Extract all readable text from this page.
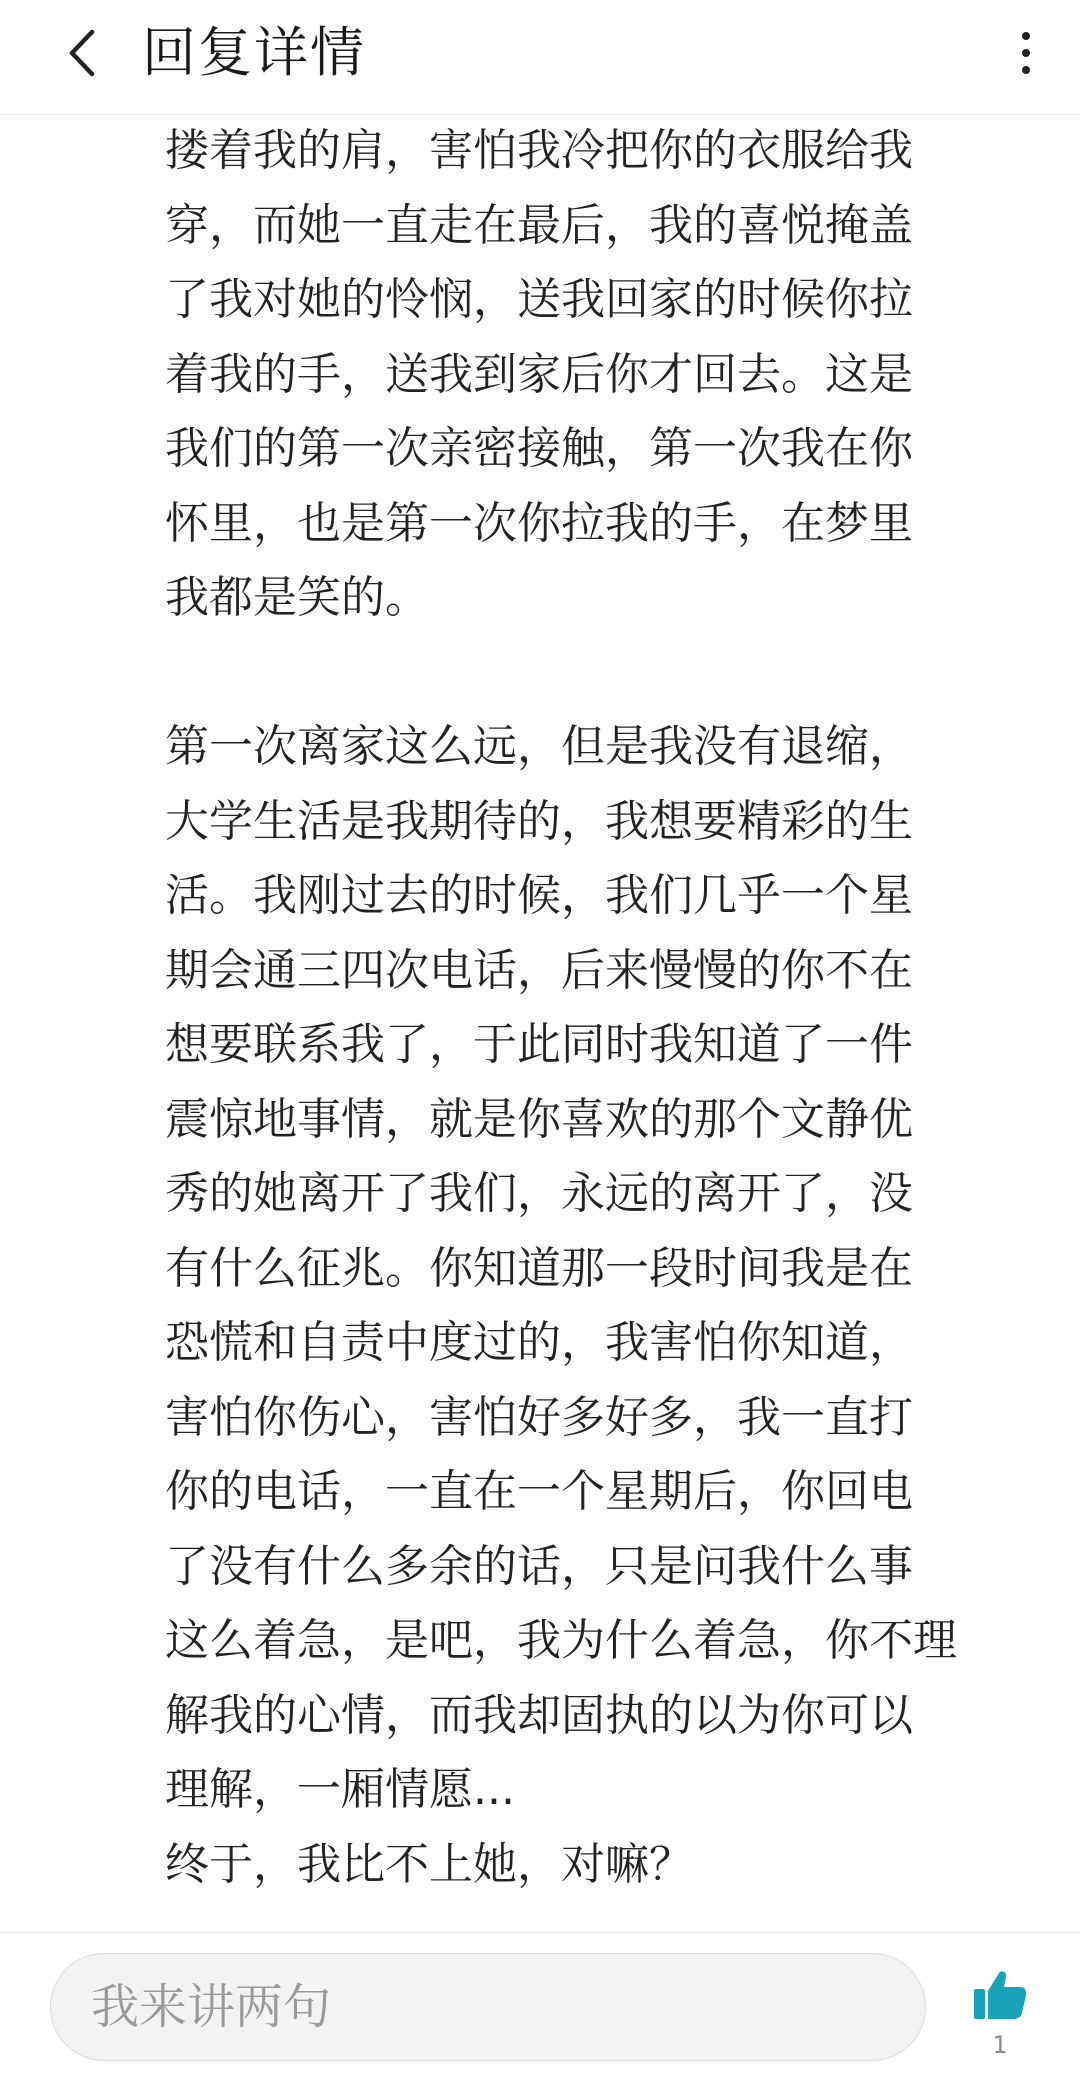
回复详情
搂着我的肩，害怕我冷把你的衣服给我
穿，而她一直走在最后，我的喜悦掩盖
了我对她的怜悯，送我回家的时候你拉
着我的手，送我到家后你才回去。这是
我们的第一次亲密接触，第一次我在你
怀里，也是第一次你拉我的手，在梦里
我都是笑的。
第一次离家这么远，但是我没有退缩，
大学生活是我期待的，我想要精彩的生
活。我刚过去的时候，我们几乎一个星
期会通三四次电话，后来慢慢的你不在
想要联系我了，于此同时我知道了一件
震惊地事情，就是你喜欢的那个文静优
秀的她离开了我们，永远的离开了，没
有什么征兆。你知道那一段时间我是在
恐慌和自责中度过的，我害怕你知道，
害怕你伤心，害怕好多好多，我一直打
你的电话，一直在一个星期后，你回电
了没有什么多余的话，只是问我什么事
这么着急，是吧，我为什么着急，你不理
解我的心情，而我却固执的以为你可以
理解，一厢情愿...
终于，我比不上她，对嘛？
我来讲两句
1
